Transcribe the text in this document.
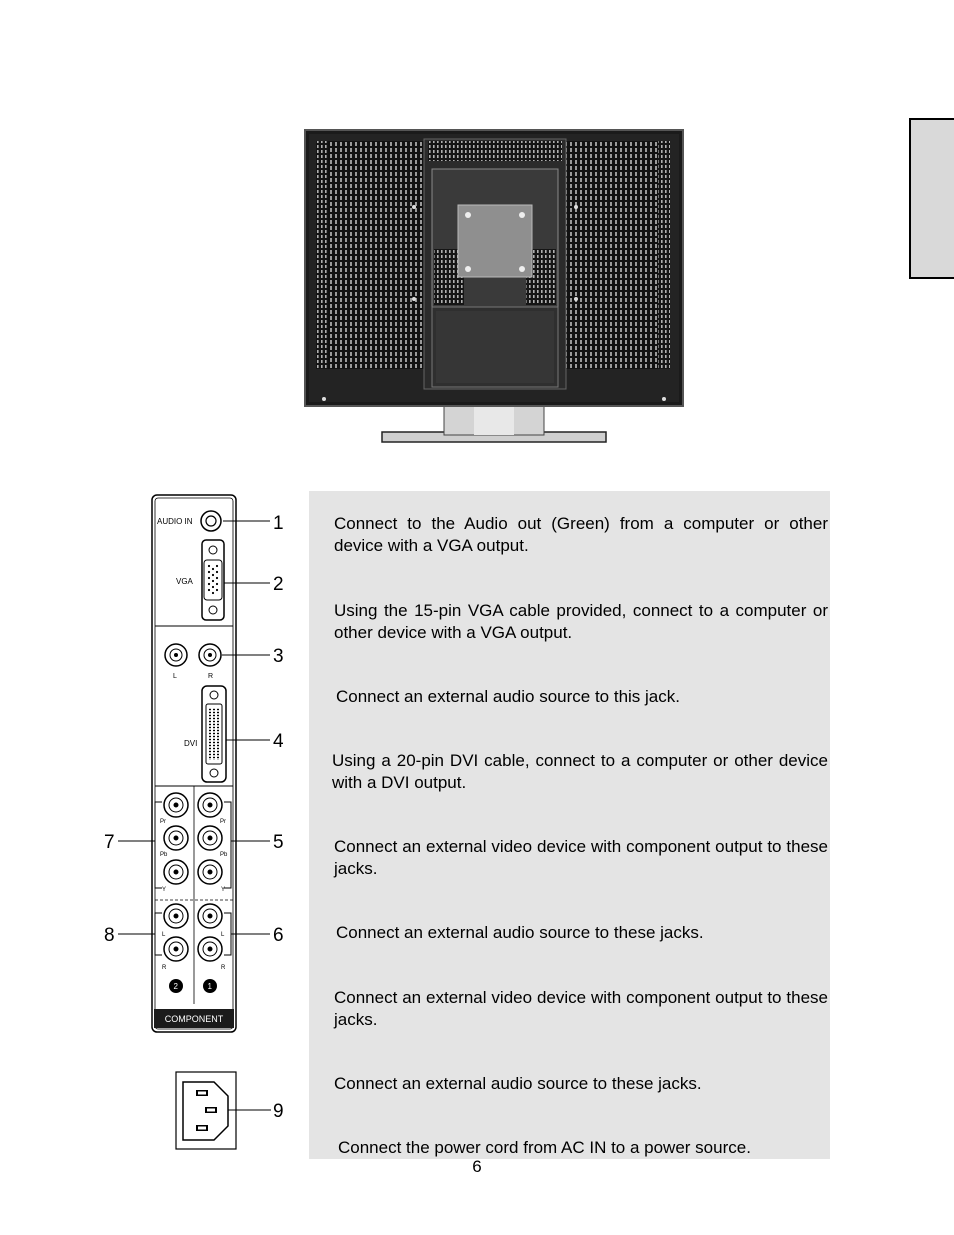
Connect to the Audio out (Green) from a computer or other device with a VGA output.

Using the 15-pin VGA cable provided, connect to a computer or other device with a VGA output.

Connect an external audio source to this jack.

Using a 20-pin DVI cable, connect to a computer or other device with a DVI output.

Connect an external video device with component output to these jacks.

Connect an external audio source to these jacks.

Connect an external video device with component output to these jacks.

Connect an external audio source to these jacks.

Connect the power cord from AC IN to a power source.

AUDIO IN
VGA
L	R
DVI
Pr
Pb
Y
Pr
Pb
Y
L
R
L
R
2	1
COMPONENT
1
2
3
4
5
6
7
8
9
6
